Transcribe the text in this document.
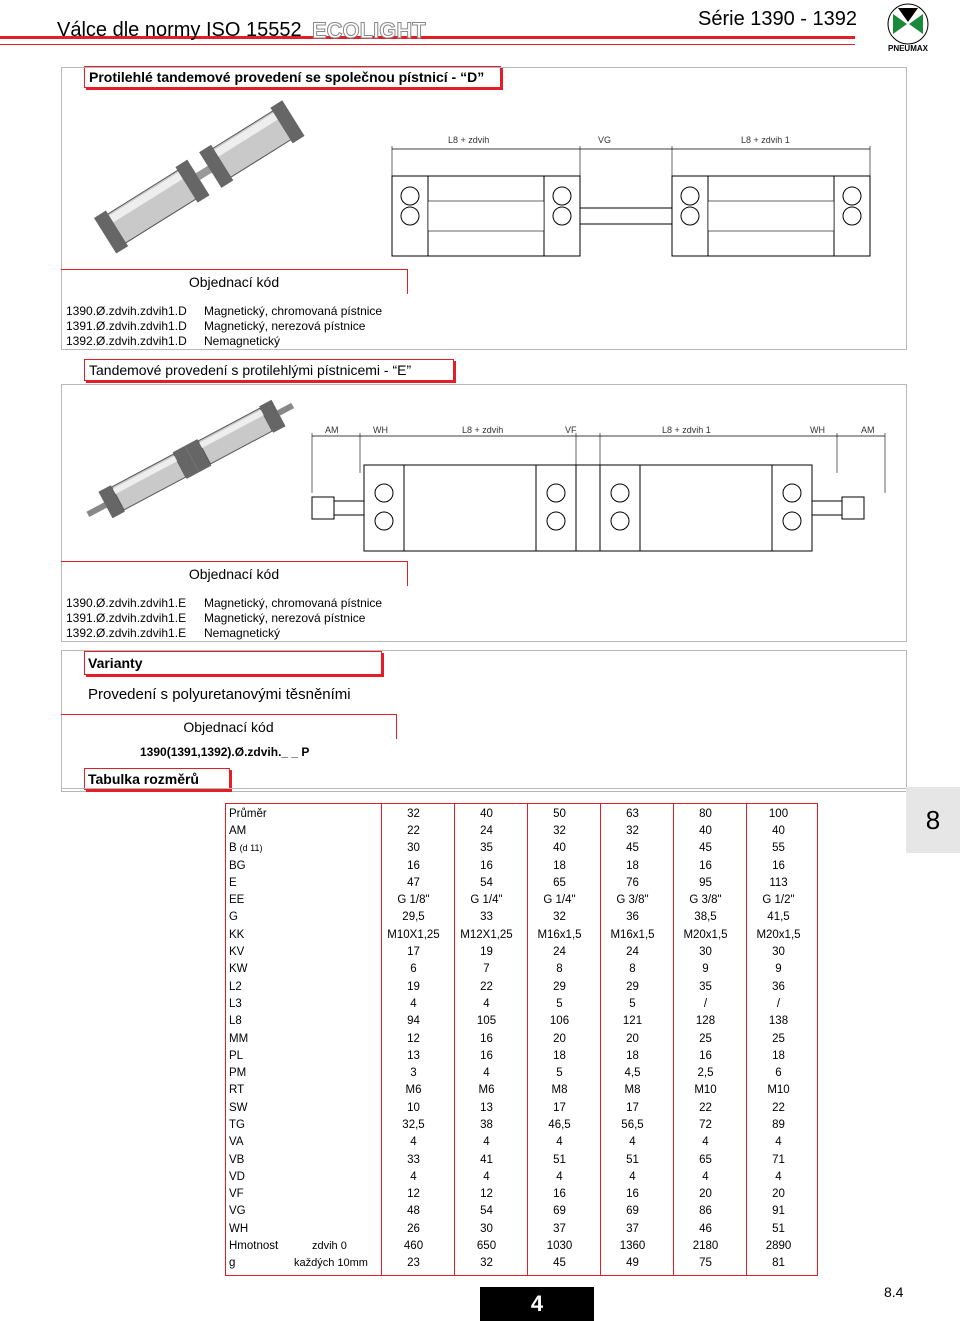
Válce dle normy ISO 15552 ECOLIGHT	Série 1390 - 1392
PNEUMAX
Protilehlé tandemové provedení se společnou pístnicí - “D”
L8 + zdvih	VG	L8 + zdvih 1
Objednací kód
1390.Ø.zdvih.zdvih1.D Magnetický, chromovaná pístnice
1391.Ø.zdvih.zdvih1.D Magnetický, nerezová pístnice
1392.Ø.zdvih.zdvih1.D Nemagnetický
Tandemové provedení s protilehlými pístnicemi - “E”
AM	WH	L8 + zdvih	VF	L8 + zdvih 1	WH	AM
Objednací kód
1390.Ø.zdvih.zdvih1.E Magnetický, chromovaná pístnice
1391.Ø.zdvih.zdvih1.E Magnetický, nerezová pístnice
1392.Ø.zdvih.zdvih1.E Nemagnetický
Varianty
Provedení s polyuretanovými těsněními
Objednací kód
1390(1391,1392).Ø.zdvih._ _ P
Tabulka rozměrů
Průměr	32	40	50	63	80	100
AM	22	24	32	32	40	40
B (d 11)	30	35	40	45	45	55
BG	16	16	18	18	16	16
E	47	54	65	76	95	113
EE	G 1/8"	G 1/4"	G 1/4"	G 3/8"	G 3/8"	G 1/2"
G	29,5	33	32	36	38,5	41,5
KK	M10X1,25	M12X1,25	M16x1,5	M16x1,5	M20x1,5	M20x1,5
KV	17	19	24	24	30	30
KW	6	7	8	8	9	9
L2	19	22	29	29	35	36
L3	4	4	5	5	/	/
L8	94	105	106	121	128	138
MM	12	16	20	20	25	25
PL	13	16	18	18	16	18
PM	3	4	5	4,5	2,5	6
RT	M6	M6	M8	M8	M10	M10
SW	10	13	17	17	22	22
TG	32,5	38	46,5	56,5	72	89
VA	4	4	4	4	4	4
VB	33	41	51	51	65	71
VD	4	4	4	4	4	4
VF	12	12	16	16	20	20
VG	48	54	69	69	86	91
WH	26	30	37	37	46	51
Hmotnost zdvih 0	460	650	1030	1360	2180	2890
g každých 10mm	23	32	45	49	75	81
8
4	8.4
